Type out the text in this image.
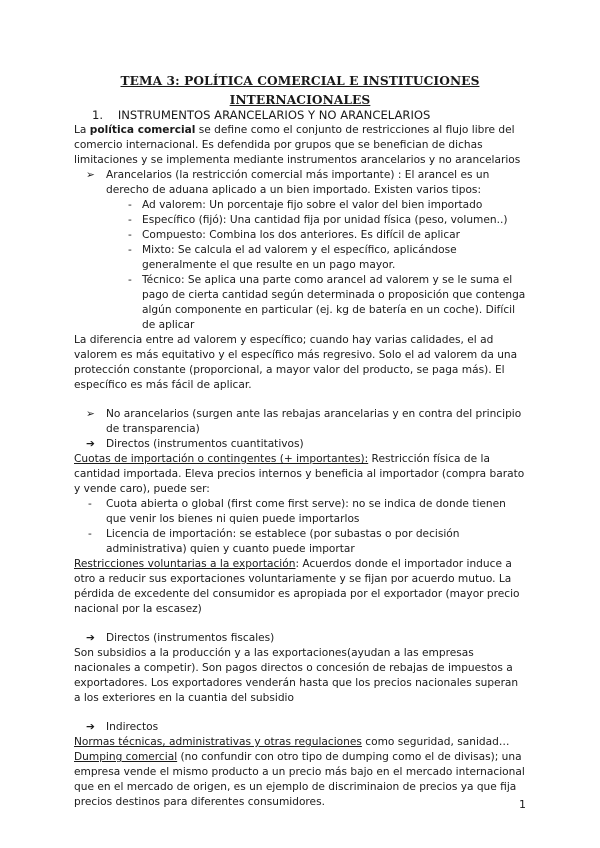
TEMA 3: POLÍTICA COMERCIAL E INSTITUCIONES
INTERNACIONALES

1. INSTRUMENTOS ARANCELARIOS Y NO ARANCELARIOS

La política comercial se define como el conjunto de restricciones al flujo libre del comercio internacional. Es defendida por grupos que se benefician de dichas limitaciones y se implementa mediante instrumentos arancelarios y no arancelarios

➢ Arancelarios (la restricción comercial más importante) : El arancel es un derecho de aduana aplicado a un bien importado. Existen varios tipos:

- Ad valorem: Un porcentaje fijo sobre el valor del bien importado

- Específico (fijó): Una cantidad fija por unidad física (peso, volumen..)

- Compuesto: Combina los dos anteriores. Es difícil de aplicar

- Mixto: Se calcula el ad valorem y el específico, aplicándose generalmente el que resulte en un pago mayor.

- Técnico: Se aplica una parte como arancel ad valorem y se le suma el pago de cierta cantidad según determinada o proposición que contenga algún componente en particular (ej. kg de batería en un coche). Difícil de aplicar

La diferencia entre ad valorem y específico; cuando hay varias calidades, el ad valorem es más equitativo y el específico más regresivo. Solo el ad valorem da una protección constante (proporcional, a mayor valor del producto, se paga más). El específico es más fácil de aplicar.

➢ No arancelarios (surgen ante las rebajas arancelarias y en contra del principio de transparencia)

➔ Directos (instrumentos cuantitativos)

Cuotas de importación o contingentes (+ importantes): Restricción física de la cantidad importada. Eleva precios internos y beneficia al importador (compra barato y vende caro), puede ser:

- Cuota abierta o global (first come first serve): no se indica de donde tienen que venir los bienes ni quien puede importarlos

- Licencia de importación: se establece (por subastas o por decisión administrativa) quien y cuanto puede importar

Restricciones voluntarias a la exportación: Acuerdos donde el importador induce a otro a reducir sus exportaciones voluntariamente y se fijan por acuerdo mutuo. La pérdida de excedente del consumidor es apropiada por el exportador (mayor precio nacional por la escasez)

➔ Directos (instrumentos fiscales)

Son subsidios a la producción y a las exportaciones(ayudan a las empresas nacionales a competir). Son pagos directos o concesión de rebajas de impuestos a exportadores. Los exportadores venderán hasta que los precios nacionales superan a los exteriores en la cuantia del subsidio

➔ Indirectos

Normas técnicas, administrativas y otras regulaciones como seguridad, sanidad…

Dumping comercial (no confundir con otro tipo de dumping como el de divisas); una empresa vende el mismo producto a un precio más bajo en el mercado internacional que en el mercado de origen, es un ejemplo de discriminaion de precios ya que fija precios destinos para diferentes consumidores.	1
